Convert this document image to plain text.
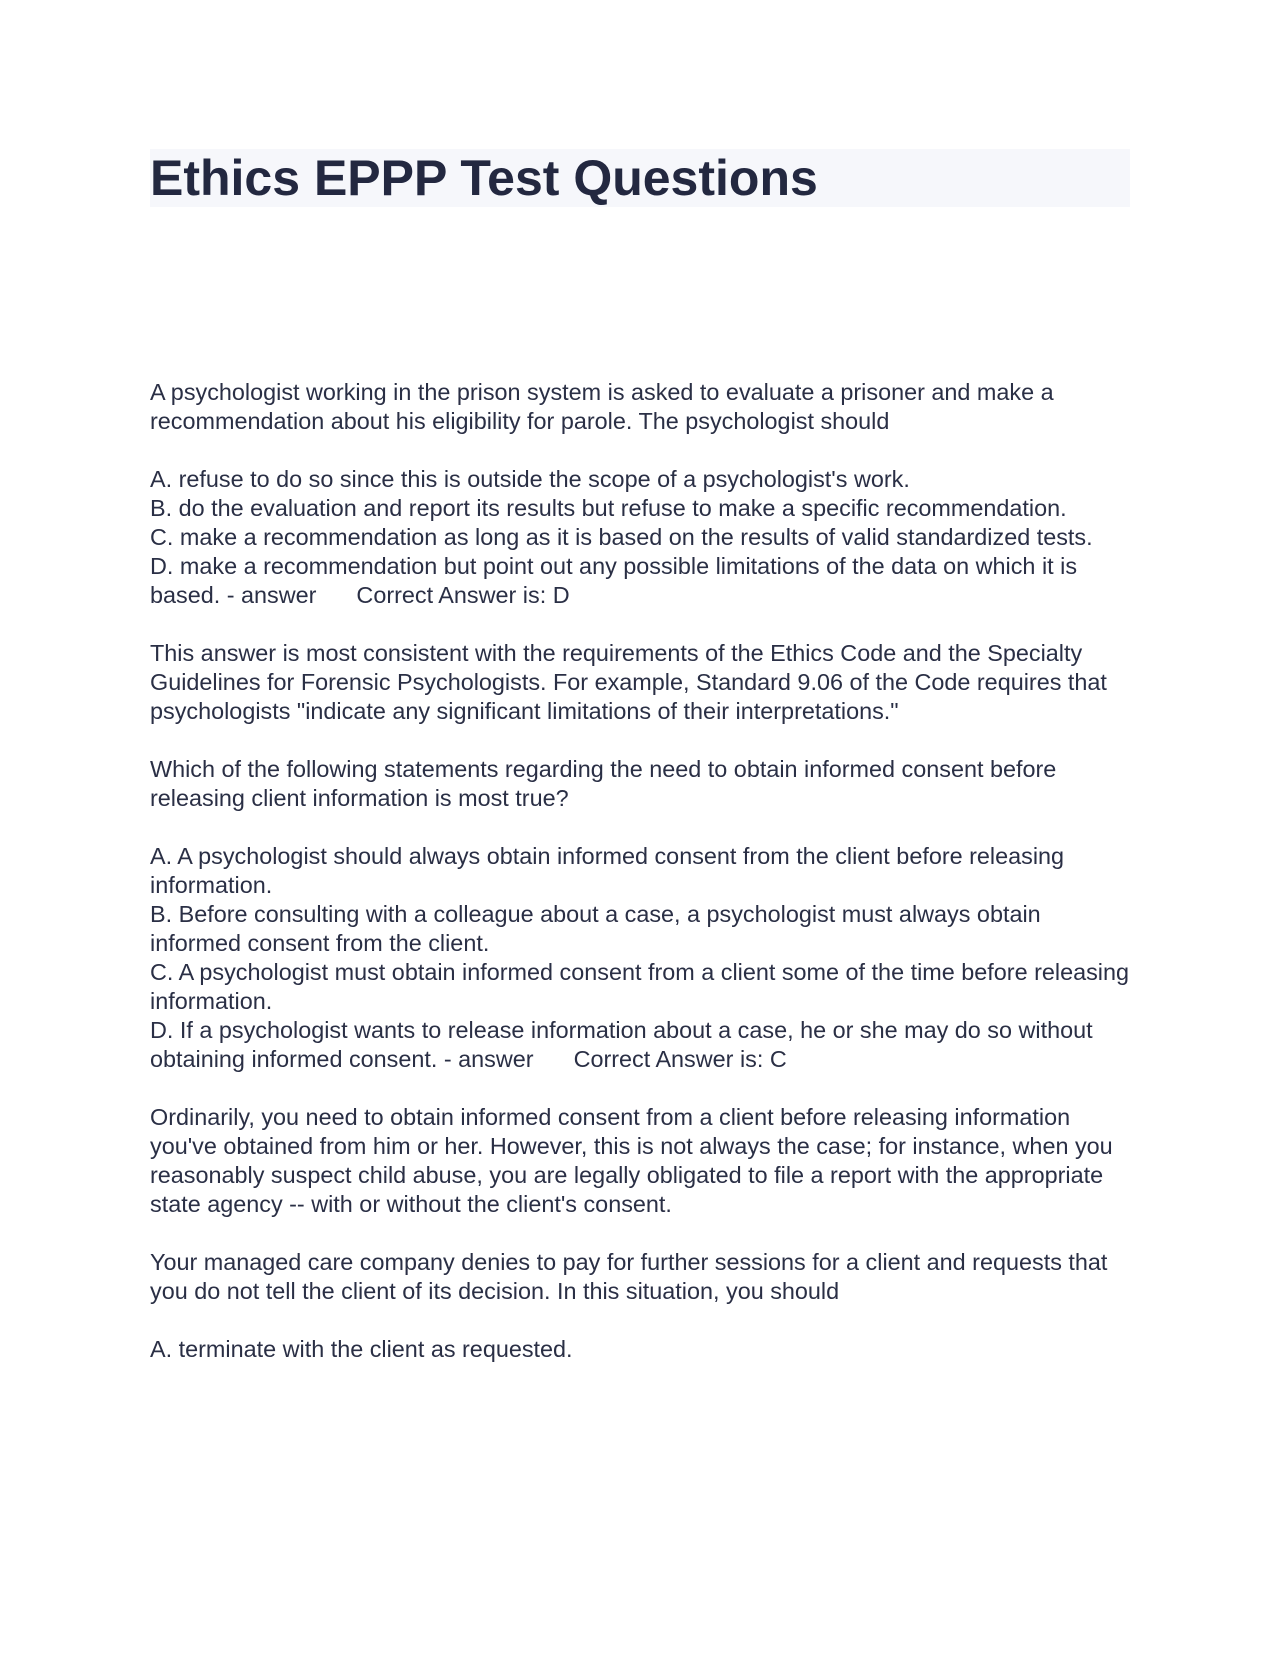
Ethics EPPP Test Questions

A psychologist working in the prison system is asked to evaluate a prisoner and make a recommendation about his eligibility for parole. The psychologist should

A. refuse to do so since this is outside the scope of a psychologist's work.
B. do the evaluation and report its results but refuse to make a specific recommendation.
C. make a recommendation as long as it is based on the results of valid standardized tests.
D. make a recommendation but point out any possible limitations of the data on which it is based. - answer Correct Answer is: D

This answer is most consistent with the requirements of the Ethics Code and the Specialty Guidelines for Forensic Psychologists. For example, Standard 9.06 of the Code requires that psychologists "indicate any significant limitations of their interpretations."

Which of the following statements regarding the need to obtain informed consent before releasing client information is most true?

A. A psychologist should always obtain informed consent from the client before releasing information.
B. Before consulting with a colleague about a case, a psychologist must always obtain informed consent from the client.
C. A psychologist must obtain informed consent from a client some of the time before releasing information.
D. If a psychologist wants to release information about a case, he or she may do so without obtaining informed consent. - answer Correct Answer is: C

Ordinarily, you need to obtain informed consent from a client before releasing information you've obtained from him or her. However, this is not always the case; for instance, when you reasonably suspect child abuse, you are legally obligated to file a report with the appropriate state agency -- with or without the client's consent.

Your managed care company denies to pay for further sessions for a client and requests that you do not tell the client of its decision. In this situation, you should

A. terminate with the client as requested.
